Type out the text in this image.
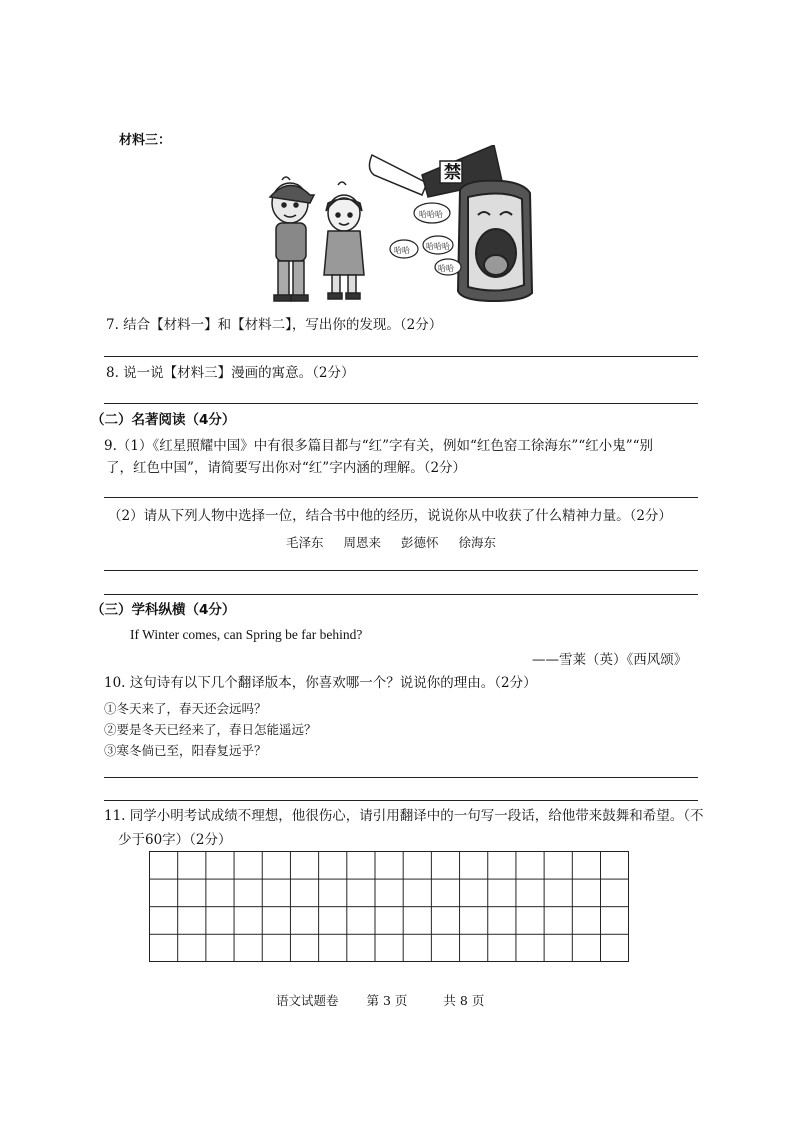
材料三：
禁
哈哈哈
哈哈 哈哈哈
哈哈
7. 结合【材料一】和【材料二】，写出你的发现。（2分）
8. 说一说【材料三】漫画的寓意。（2分）
（二）名著阅读（4分）
9.（1）《红星照耀中国》中有很多篇目都与“红”字有关，例如“红色窑工徐海东”“红小鬼”“别
了，红色中国”，请简要写出你对“红”字内涵的理解。（2分）
（2）请从下列人物中选择一位，结合书中他的经历，说说你从中收获了什么精神力量。（2分）
毛泽东 周恩来 彭德怀 徐海东
（三）学科纵横（4分）
If Winter comes, can Spring be far behind?
——雪莱（英）《西风颂》
10. 这句诗有以下几个翻译版本，你喜欢哪一个？说说你的理由。（2分）
①冬天来了，春天还会远吗？
②要是冬天已经来了，春日怎能遥远？
③寒冬倘已至，阳春复远乎？
11. 同学小明考试成绩不理想，他很伤心，请引用翻译中的一句写一段话，给他带来鼓舞和希望。（不
少于60字）（2分）
语文试题卷 第 3 页	共 8 页
